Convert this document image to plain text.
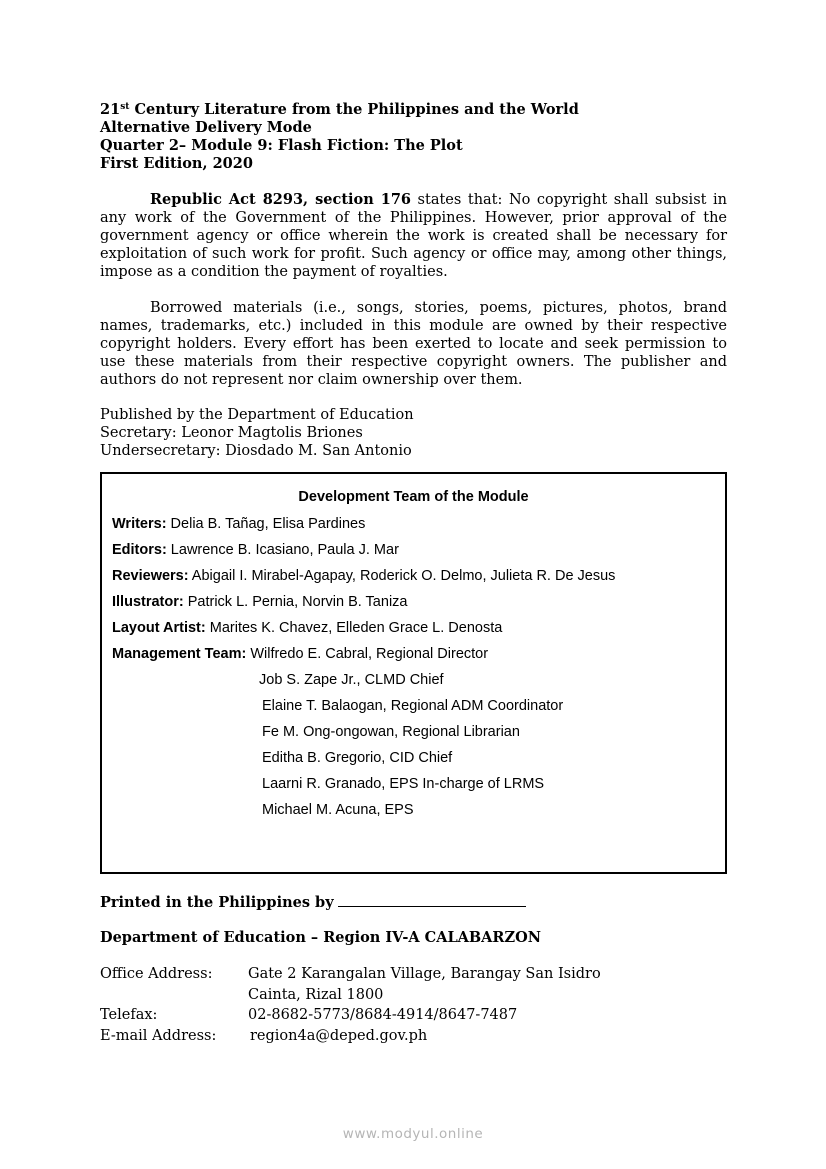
21st Century Literature from the Philippines and the World
Alternative Delivery Mode
Quarter 2– Module 9: Flash Fiction: The Plot
First Edition, 2020

Republic Act 8293, section 176 states that: No copyright shall subsist in any work of the Government of the Philippines. However, prior approval of the government agency or office wherein the work is created shall be necessary for exploitation of such work for profit. Such agency or office may, among other things, impose as a condition the payment of royalties.

Borrowed materials (i.e., songs, stories, poems, pictures, photos, brand names, trademarks, etc.) included in this module are owned by their respective copyright holders. Every effort has been exerted to locate and seek permission to use these materials from their respective copyright owners. The publisher and authors do not represent nor claim ownership over them.

Published by the Department of Education
Secretary: Leonor Magtolis Briones
Undersecretary: Diosdado M. San Antonio
Development Team of the Module
Writers: Delia B. Tañag, Elisa Pardines
Editors: Lawrence B. Icasiano, Paula J. Mar
Reviewers: Abigail I. Mirabel-Agapay, Roderick O. Delmo, Julieta R. De Jesus
Illustrator: Patrick L. Pernia, Norvin B. Taniza
Layout Artist: Marites K. Chavez, Elleden Grace L. Denosta
Management Team: Wilfredo E. Cabral, Regional Director
Job S. Zape Jr., CLMD Chief
Elaine T. Balaogan, Regional ADM Coordinator
Fe M. Ong-ongowan, Regional Librarian
Editha B. Gregorio, CID Chief
Laarni R. Granado, EPS In-charge of LRMS
Michael M. Acuna, EPS
Printed in the Philippines by
Department of Education – Region IV-A CALABARZON
Office Address: Gate 2 Karangalan Village, Barangay San Isidro
Cainta, Rizal 1800
Telefax:	02-8682-5773/8684-4914/8647-7487
E-mail Address: region4a@deped.gov.ph
www.modyul.online
